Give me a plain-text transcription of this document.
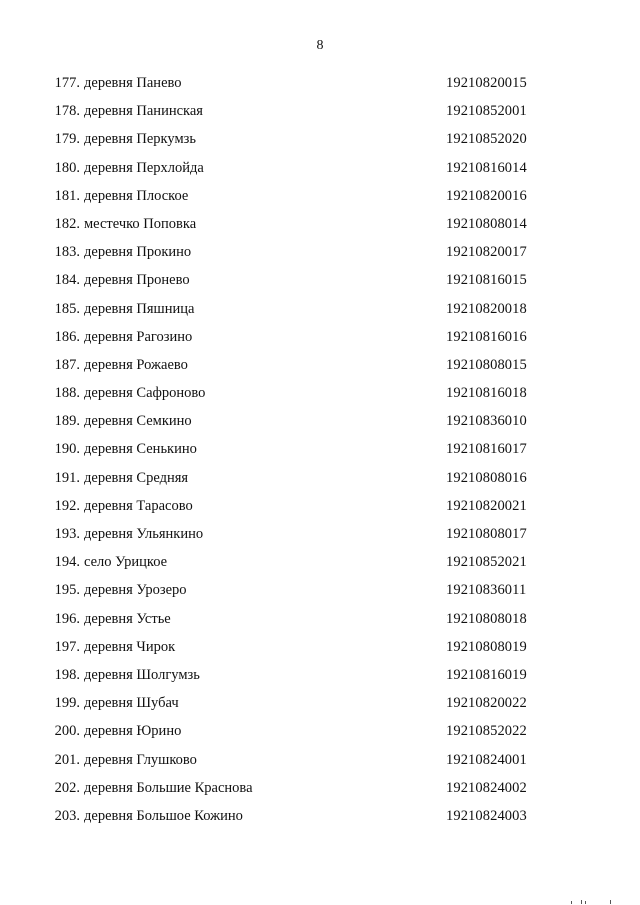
8
177. деревня Панево	19210820015
178. деревня Панинская	19210852001
179. деревня Перкумзь	19210852020
180. деревня Перхлойда	19210816014
181. деревня Плоское	19210820016
182. местечко Поповка	19210808014
183. деревня Прокино	19210820017
184. деревня Пронево	19210816015
185. деревня Пяшница	19210820018
186. деревня Рагозино	19210816016
187. деревня Рожаево	19210808015
188. деревня Сафроново	19210816018
189. деревня Семкино	19210836010
190. деревня Сенькино	19210816017
191. деревня Средняя	19210808016
192. деревня Тарасово	19210820021
193. деревня Ульянкино	19210808017
194. село Урицкое	19210852021
195. деревня Урозеро	19210836011
196. деревня Устье	19210808018
197. деревня Чирок	19210808019
198. деревня Шолгумзь	19210816019
199. деревня Шубач	19210820022
200. деревня Юрино	19210852022
201. деревня Глушково	19210824001
202. деревня Большие Краснова	19210824002
203. деревня Большое Кожино	19210824003
